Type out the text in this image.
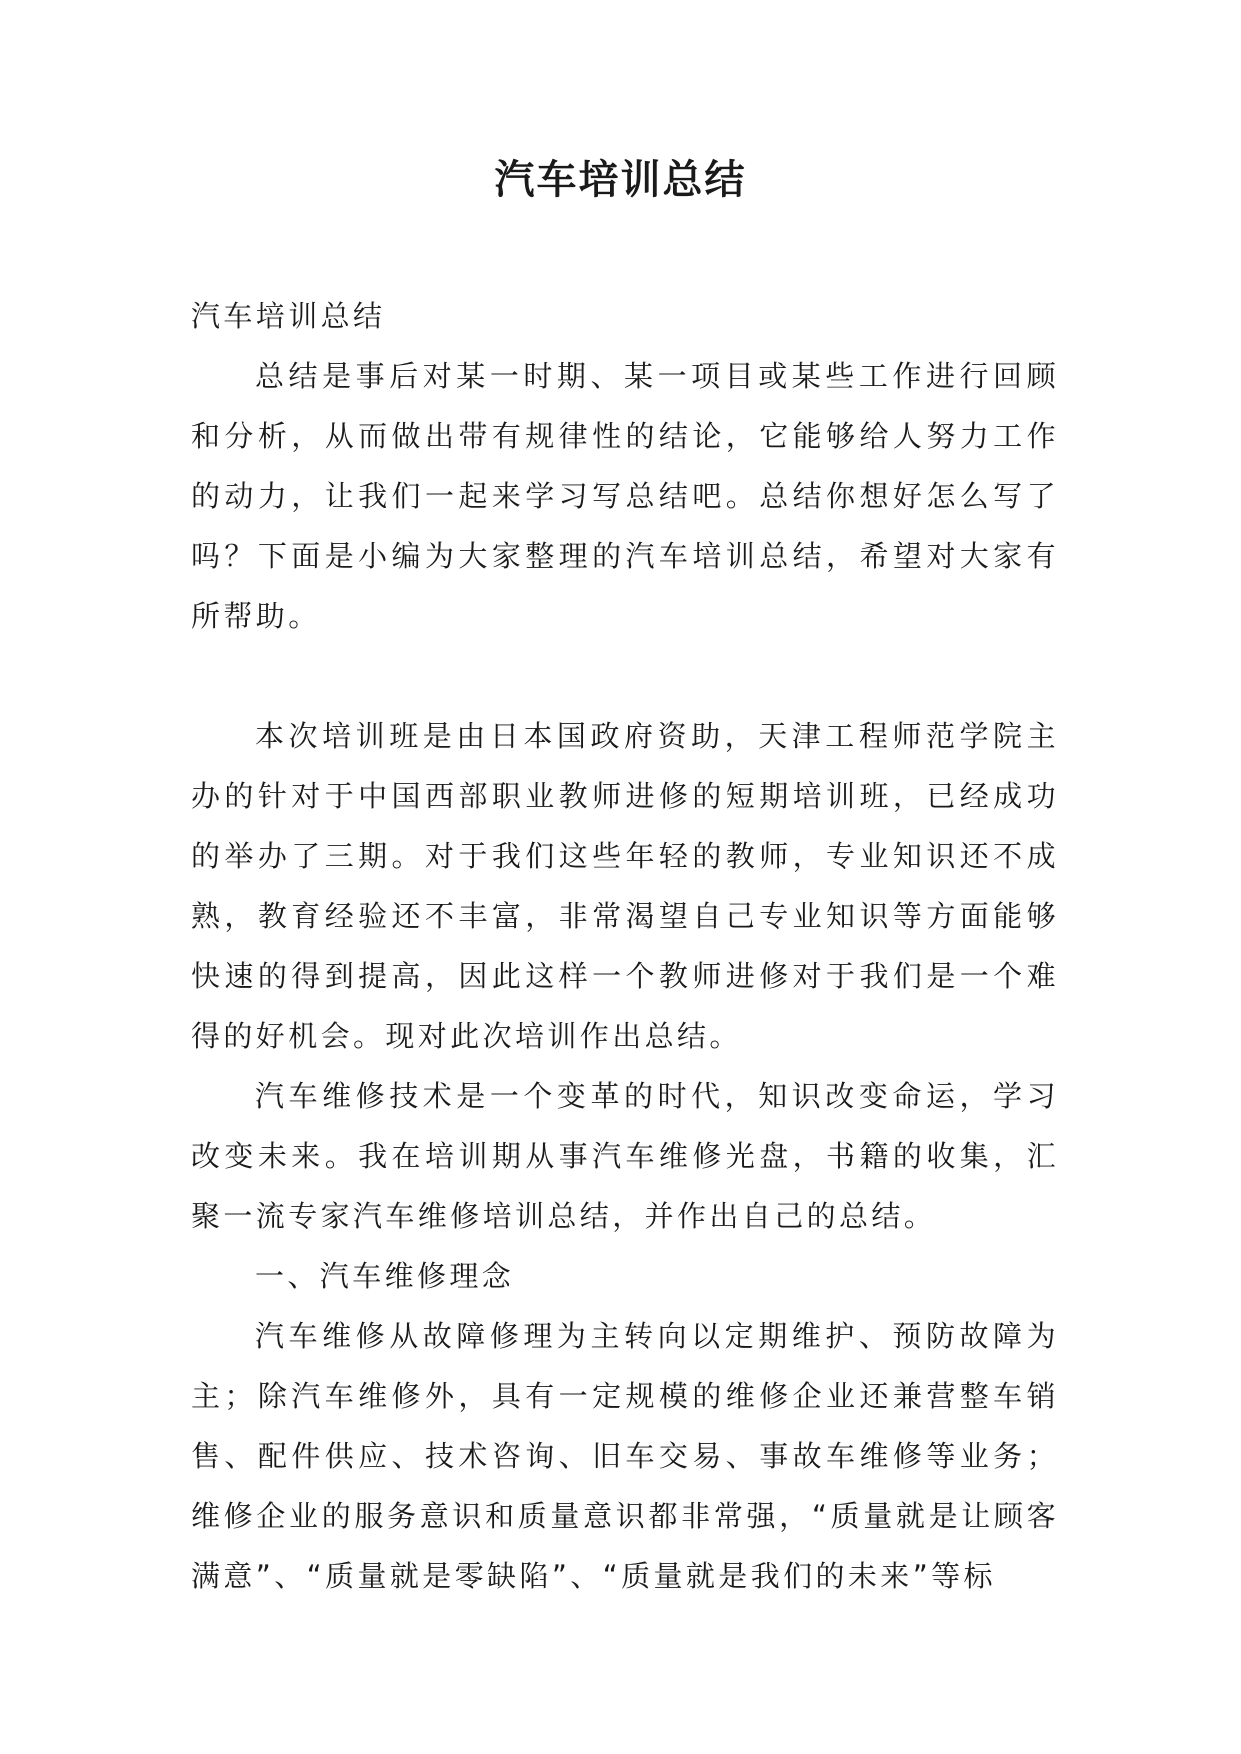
汽车培训总结

汽车培训总结

总结是事后对某一时期、某一项目或某些工作进行回顾和分析，从而做出带有规律性的结论，它能够给人努力工作的动力，让我们一起来学习写总结吧。总结你想好怎么写了吗？下面是小编为大家整理的汽车培训总结，希望对大家有所帮助。

本次培训班是由日本国政府资助，天津工程师范学院主办的针对于中国西部职业教师进修的短期培训班，已经成功的举办了三期。对于我们这些年轻的教师，专业知识还不成熟，教育经验还不丰富，非常渴望自己专业知识等方面能够快速的得到提高，因此这样一个教师进修对于我们是一个难得的好机会。现对此次培训作出总结。

汽车维修技术是一个变革的时代，知识改变命运，学习改变未来。我在培训期从事汽车维修光盘，书籍的收集，汇聚一流专家汽车维修培训总结，并作出自己的总结。

一、汽车维修理念

汽车维修从故障修理为主转向以定期维护、预防故障为主；除汽车维修外，具有一定规模的维修企业还兼营整车销售、配件供应、技术咨询、旧车交易、事故车维修等业务；维修企业的服务意识和质量意识都非常强，“质量就是让顾客满意”、“质量就是零缺陷”、“质量就是我们的未来”等标
